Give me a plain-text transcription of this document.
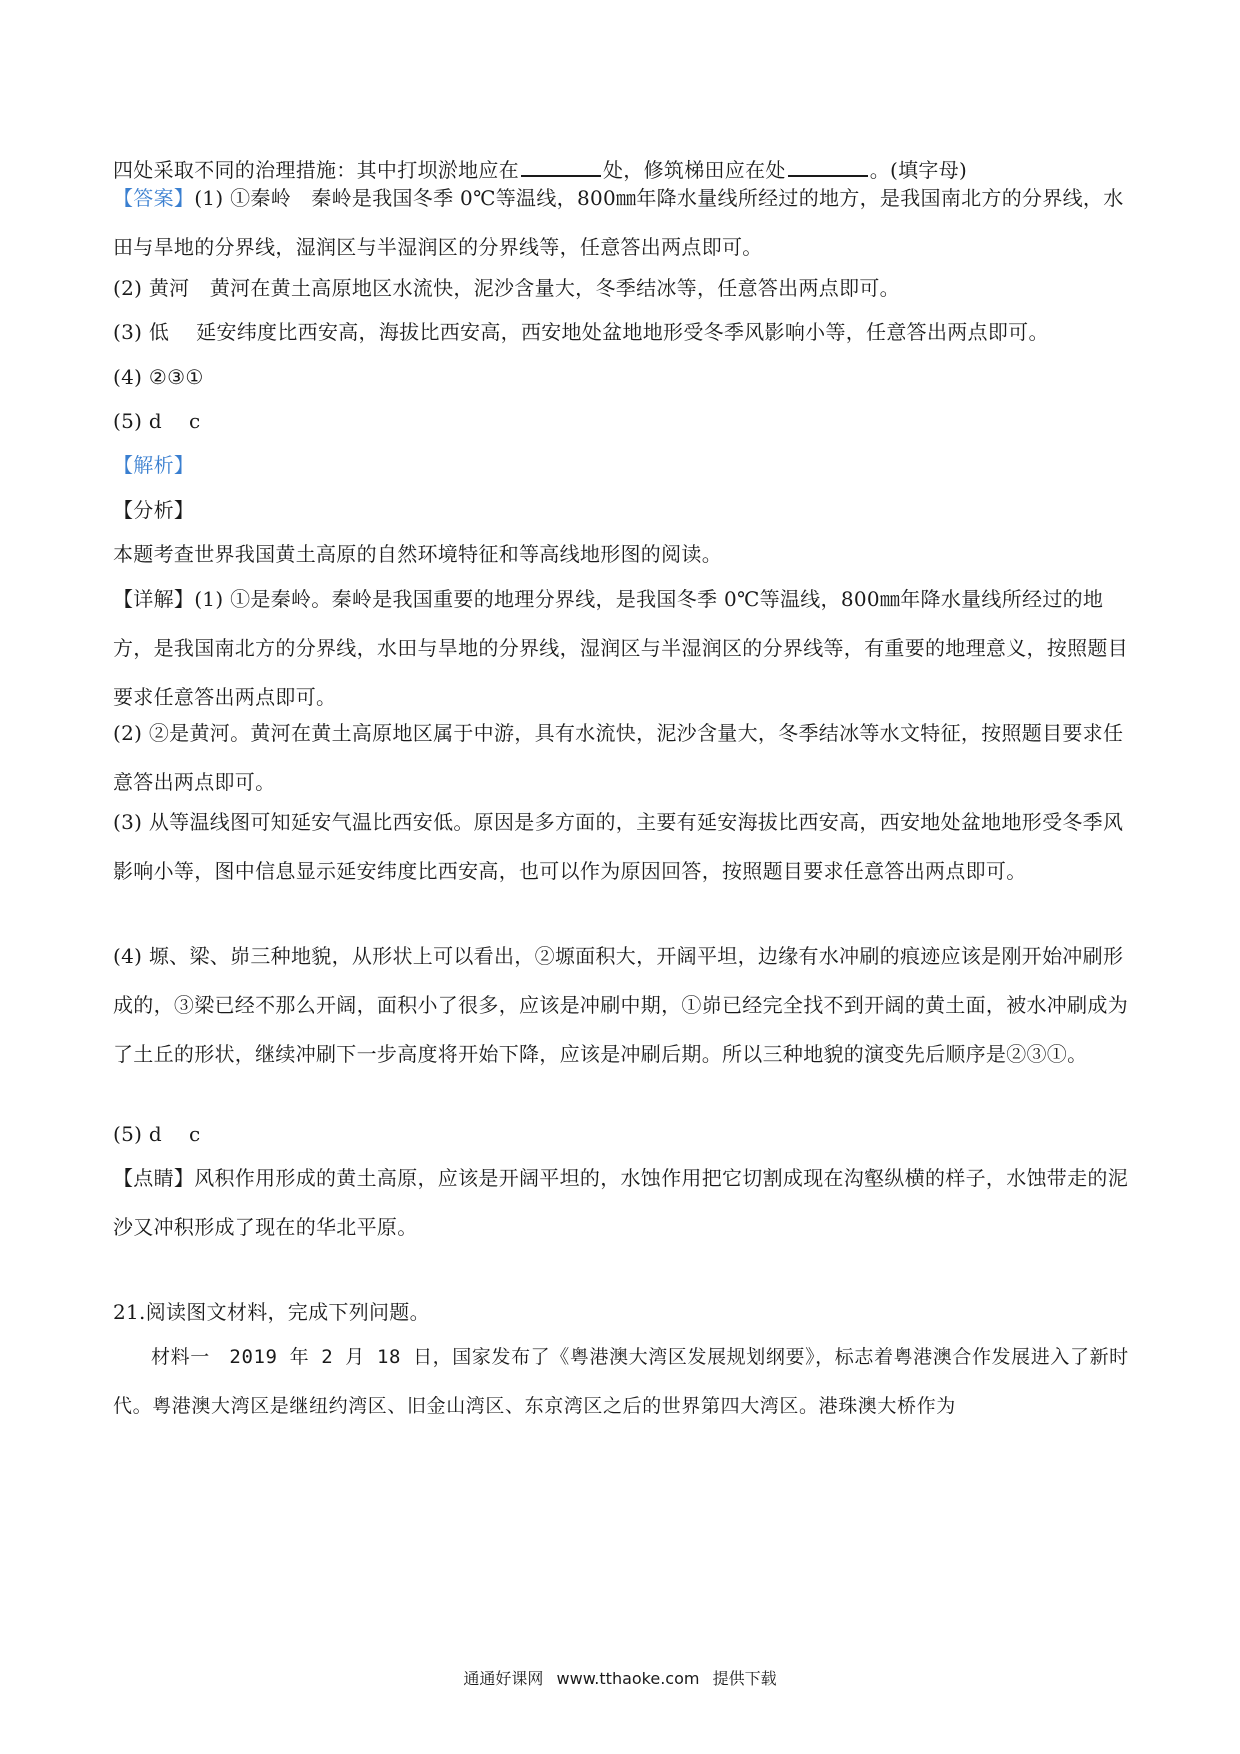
四处采取不同的治理措施：其中打坝淤地应在	处，修筑梯田应在处	。(填字母)

【答案】(1) ①秦岭　秦岭是我国冬季 0℃等温线，800㎜年降水量线所经过的地方，是我国南北方的分界线，水田与旱地的分界线，湿润区与半湿润区的分界线等，任意答出两点即可。

(2) 黄河　黄河在黄土高原地区水流快，泥沙含量大，冬季结冰等，任意答出两点即可。

(3) 低　 延安纬度比西安高，海拔比西安高，西安地处盆地地形受冬季风影响小等，任意答出两点即可。

(4) ②③①

(5) d　 c

【解析】

【分析】

本题考查世界我国黄土高原的自然环境特征和等高线地形图的阅读。

【详解】(1) ①是秦岭。秦岭是我国重要的地理分界线，是我国冬季 0℃等温线，800㎜年降水量线所经过的地方，是我国南北方的分界线，水田与旱地的分界线，湿润区与半湿润区的分界线等，有重要的地理意义，按照题目要求任意答出两点即可。

(2) ②是黄河。黄河在黄土高原地区属于中游，具有水流快，泥沙含量大，冬季结冰等水文特征，按照题目要求任意答出两点即可。

(3) 从等温线图可知延安气温比西安低。原因是多方面的，主要有延安海拔比西安高，西安地处盆地地形受冬季风影响小等，图中信息显示延安纬度比西安高，也可以作为原因回答，按照题目要求任意答出两点即可。

(4) 塬、梁、峁三种地貌，从形状上可以看出，②塬面积大，开阔平坦，边缘有水冲刷的痕迹应该是刚开始冲刷形成的，③梁已经不那么开阔，面积小了很多，应该是冲刷中期，①峁已经完全找不到开阔的黄土面，被水冲刷成为了土丘的形状，继续冲刷下一步高度将开始下降，应该是冲刷后期。所以三种地貌的演变先后顺序是②③①。

(5) d　 c

【点睛】风积作用形成的黄土高原，应该是开阔平坦的，水蚀作用把它切割成现在沟壑纵横的样子，水蚀带走的泥沙又冲积形成了现在的华北平原。

21.阅读图文材料，完成下列问题。

材料一　2019 年 2 月 18 日，国家发布了《粤港澳大湾区发展规划纲要》，标志着粤港澳合作发展进入了新时代。粤港澳大湾区是继纽约湾区、旧金山湾区、东京湾区之后的世界第四大湾区。港珠澳大桥作为

通通好课网 www.tthaoke.com 提供下载
